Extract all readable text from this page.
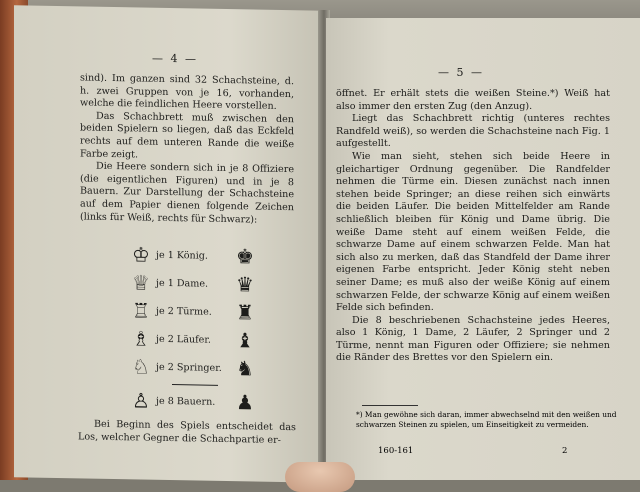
— 4 —

sind). Im ganzen sind 32 Schachsteine, d. h. zwei Gruppen von je 16, vorhanden, welche die feindlichen Heere vorstellen.

Das Schachbrett muß zwischen den beiden Spielern so liegen, daß das Eckfeld rechts auf dem unteren Rande die weiße Farbe zeigt.

Die Heere sondern sich in je 8 Offiziere (die eigentlichen Figuren) und in je 8 Bauern. Zur Darstellung der Schachsteine auf dem Papier dienen folgende Zeichen (links für Weiß, rechts für Schwarz):

♔ je 1 König. ♚
♕ je 1 Dame. ♛
♖ je 2 Türme. ♜
♗ je 2 Läufer. ♝
♘ je 2 Springer. ♞
♙ je 8 Bauern. ♟
Bei Beginn des Spiels entscheidet das Los, welcher Gegner die Schachpartie er-
— 5 —

öffnet. Er erhält stets die weißen Steine.*) Weiß hat also immer den ersten Zug (den Anzug).

Liegt das Schachbrett richtig (unteres rechtes Randfeld weiß), so werden die Schachsteine nach Fig. 1 aufgestellt.

Wie man sieht, stehen sich beide Heere in gleichartiger Ordnung gegenüber. Die Randfelder nehmen die Türme ein. Diesen zunächst nach innen stehen beide Springer; an diese reihen sich einwärts die beiden Läufer. Die beiden Mittelfelder am Rande schließlich bleiben für König und Dame übrig. Die weiße Dame steht auf einem weißen Felde, die schwarze Dame auf einem schwarzen Felde. Man hat sich also zu merken, daß das Standfeld der Dame ihrer eigenen Farbe entspricht. Jeder König steht neben seiner Dame; es muß also der weiße König auf einem schwarzen Felde, der schwarze König auf einem weißen Felde sich befinden.

Die 8 beschriebenen Schachsteine jedes Heeres, also 1 König, 1 Dame, 2 Läufer, 2 Springer und 2 Türme, nennt man Figuren oder Offiziere; sie nehmen die Ränder des Brettes vor den Spielern ein.

*) Man gewöhne sich daran, immer abwechselnd mit den weißen und schwarzen Steinen zu spielen, um Einseitigkeit zu vermeiden.
160-161	2
